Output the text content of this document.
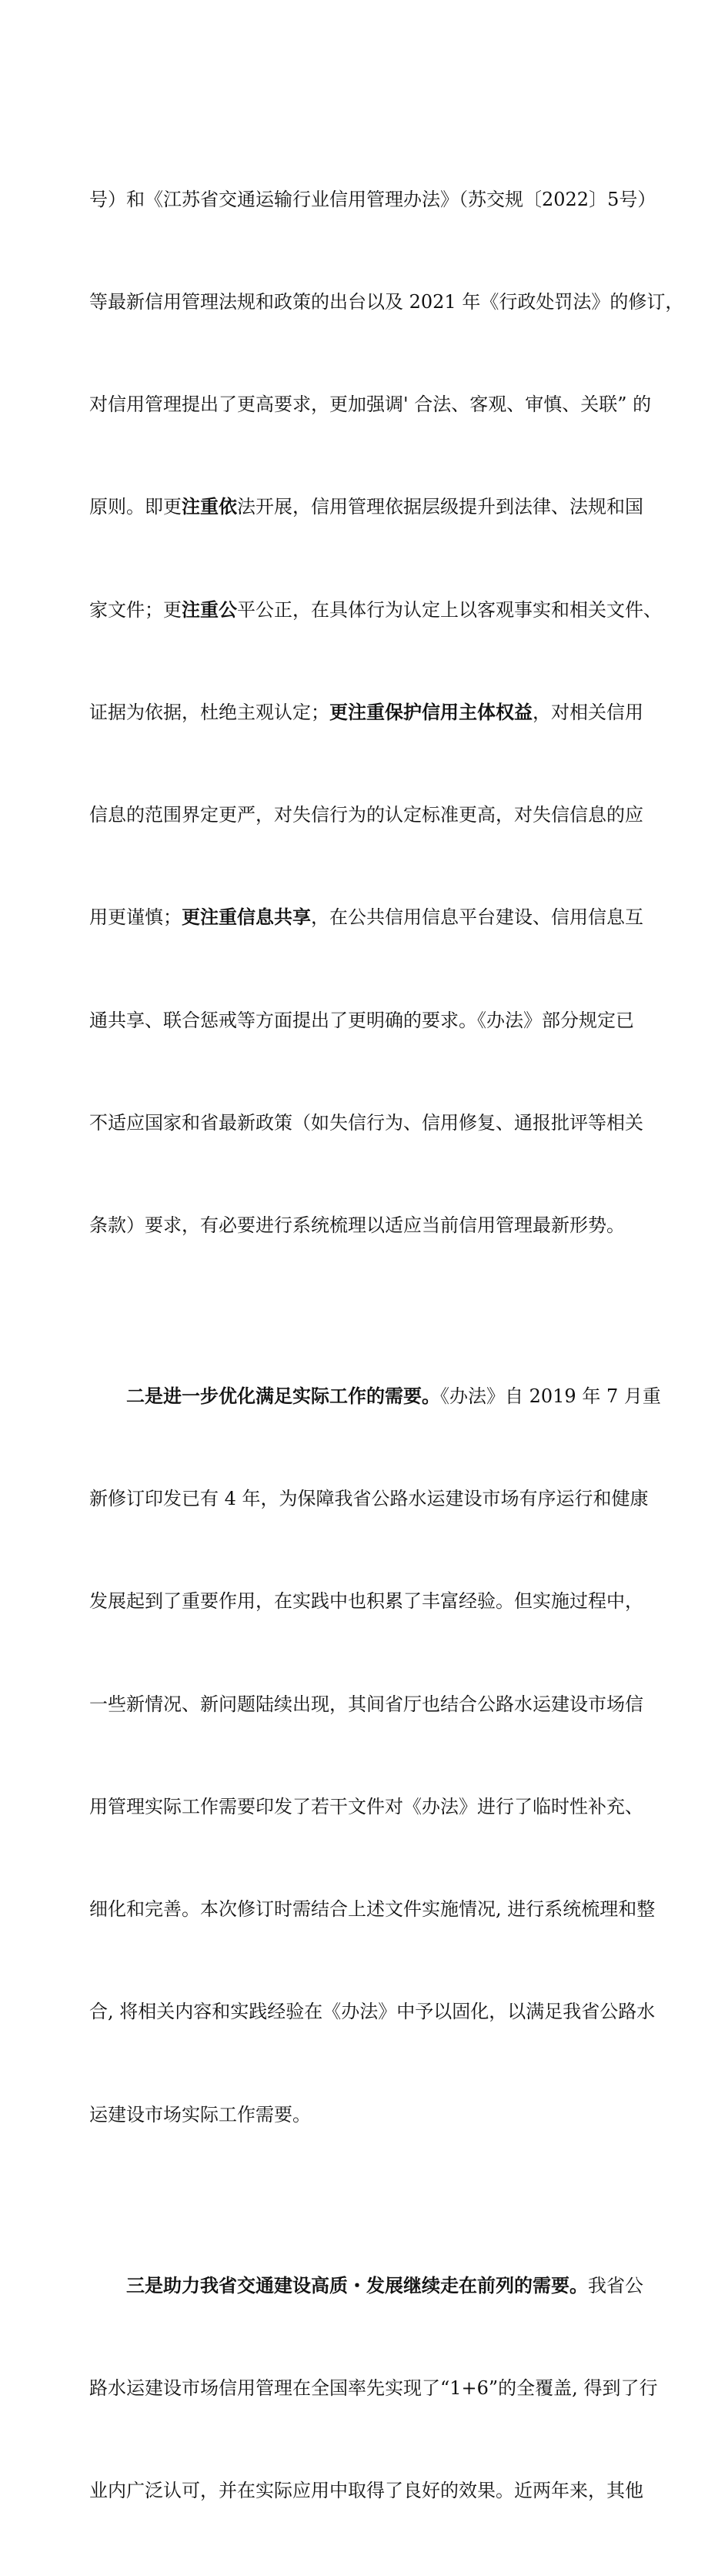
号）和《江苏省交通运输行业信用管理办法》（苏交规〔2022〕5号）

等最新信用管理法规和政策的出台以及 2021 年《行政处罚法》的修订，

对信用管理提出了更高要求，更加强调' 合法、客观、审慎、关联” 的

原则。即更注重依法开展，信用管理依据层级提升到法律、法规和国

家文件；更注重公平公正，在具体行为认定上以客观事实和相关文件、

证据为依据，杜绝主观认定；更注重保护信用主体权益，对相关信用

信息的范围界定更严，对失信行为的认定标准更高，对失信信息的应

用更谨慎；更注重信息共享，在公共信用信息平台建设、信用信息互

通共享、联合惩戒等方面提出了更明确的要求。《办法》部分规定已

不适应国家和省最新政策（如失信行为、信用修复、通报批评等相关

条款）要求，有必要进行系统梳理以适应当前信用管理最新形势。

二是进一步优化满足实际工作的需要。《办法》自 2019 年 7 月重

新修订印发已有 4 年，为保障我省公路水运建设市场有序运行和健康

发展起到了重要作用，在实践中也积累了丰富经验。但实施过程中，

一些新情况、新问题陆续出现，其间省厅也结合公路水运建设市场信

用管理实际工作需要印发了若干文件对《办法》进行了临时性补充、

细化和完善。本次修订时需结合上述文件实施情况, 进行系统梳理和整

合, 将相关内容和实践经验在《办法》中予以固化，以满足我省公路水

运建设市场实际工作需要。

三是助力我省交通建设高质・发展继续走在前列的需要。我省公

路水运建设市场信用管理在全国率先实现了“1+6”的全覆盖, 得到了行

业内广泛认可，并在实际应用中取得了良好的效果。近两年来，其他
